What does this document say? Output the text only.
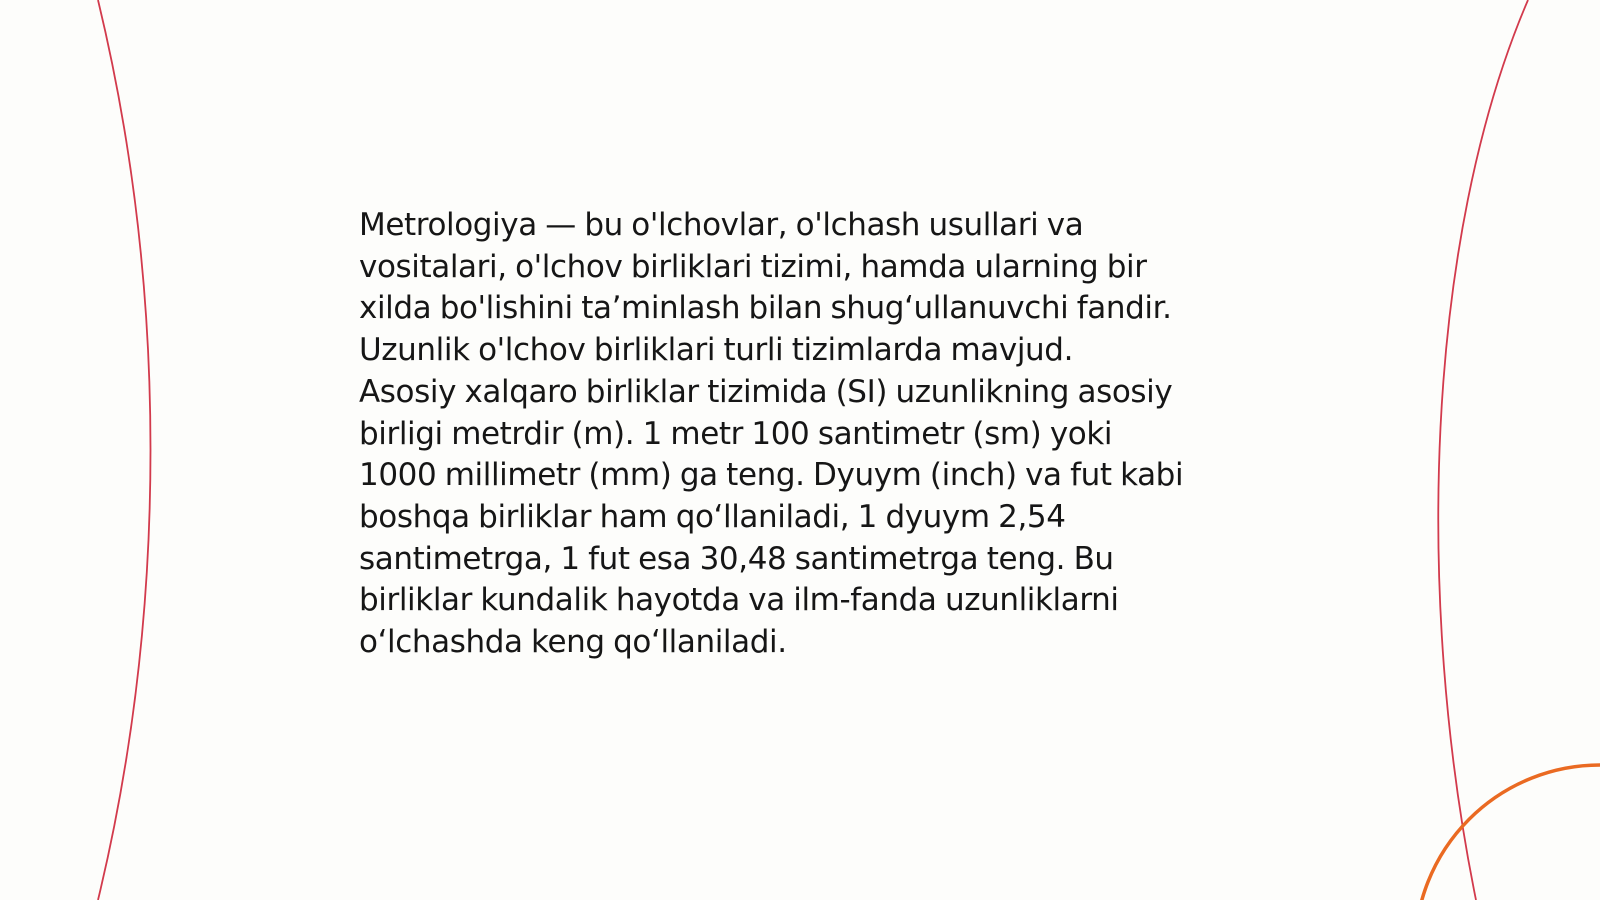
Metrologiya — bu o'lchovlar, o'lchash usullari va
vositalari, o'lchov birliklari tizimi, hamda ularning bir
xilda bo'lishini ta’minlash bilan shug‘ullanuvchi fandir.
Uzunlik o'lchov birliklari turli tizimlarda mavjud.
Asosiy xalqaro birliklar tizimida (SI) uzunlikning asosiy
birligi metrdir (m). 1 metr 100 santimetr (sm) yoki
1000 millimetr (mm) ga teng. Dyuym (inch) va fut kabi
boshqa birliklar ham qo‘llaniladi, 1 dyuym 2,54
santimetrga, 1 fut esa 30,48 santimetrga teng. Bu
birliklar kundalik hayotda va ilm-fanda uzunliklarni
o‘lchashda keng qo‘llaniladi.
